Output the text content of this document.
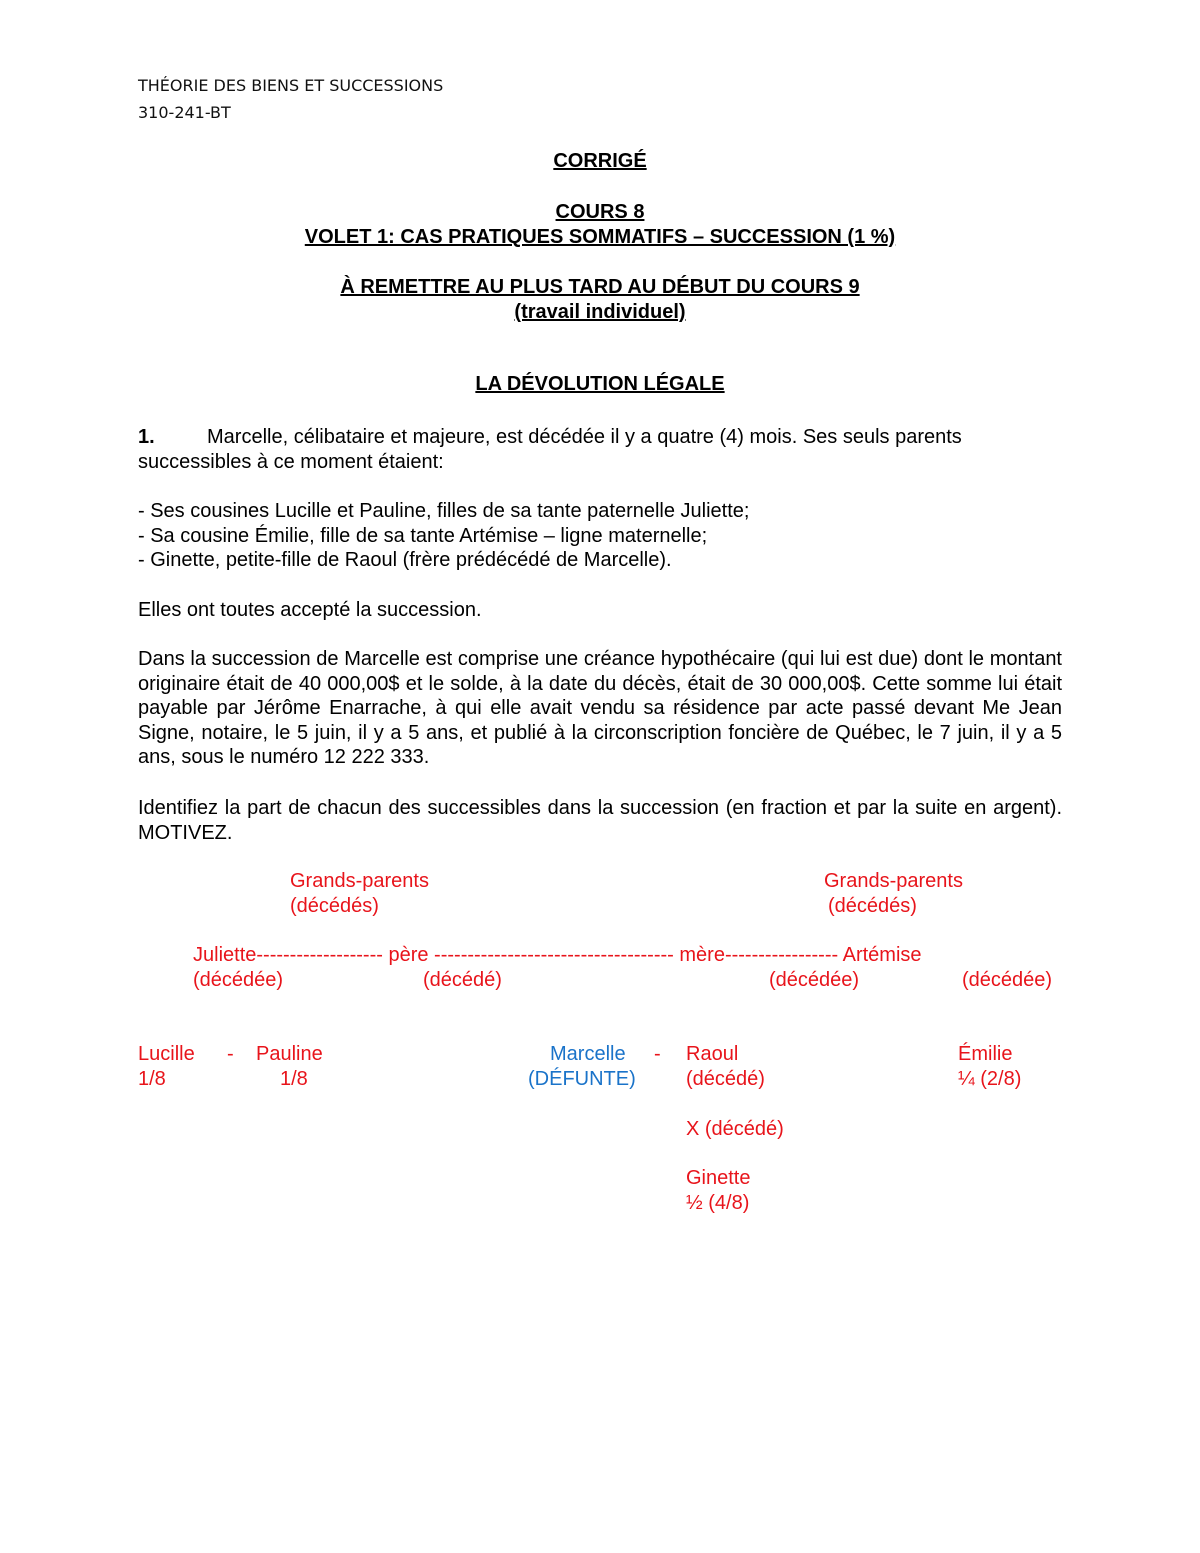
THÉORIE DES BIENS ET SUCCESSIONS
310-241-BT
CORRIGÉ
COURS 8
VOLET 1: CAS PRATIQUES SOMMATIFS – SUCCESSION (1 %)
À REMETTRE AU PLUS TARD AU DÉBUT DU COURS 9
(travail individuel)
LA DÉVOLUTION LÉGALE
1.	Marcelle, célibataire et majeure, est décédée il y a quatre (4) mois. Ses seuls parents
successibles à ce moment étaient:
- Ses cousines Lucille et Pauline, filles de sa tante paternelle Juliette;
- Sa cousine Émilie, fille de sa tante Artémise – ligne maternelle;
- Ginette, petite-fille de Raoul (frère prédécédé de Marcelle).
Elles ont toutes accepté la succession.
Dans la succession de Marcelle est comprise une créance hypothécaire (qui lui est due) dont le montant originaire était de 40 000,00$ et le solde, à la date du décès, était de 30 000,00$. Cette somme lui était payable par Jérôme Enarrache, à qui elle avait vendu sa résidence par acte passé devant Me Jean Signe, notaire, le 5 juin, il y a 5 ans, et publié à la circonscription foncière de Québec, le 7 juin, il y a 5 ans, sous le numéro 12 222 333.
Identifiez la part de chacun des successibles dans la succession (en fraction et par la suite en argent). MOTIVEZ.
Grands-parents
(décédés)
Grands-parents
(décédés)
Juliette------------------- père ------------------------------------ mère----------------- Artémise
(décédée)	(décédé)	(décédée)	(décédée)
Lucille - Pauline
1/8	1/8
Marcelle -
(DÉFUNTE)
Raoul
(décédé)
X (décédé)
Ginette
½ (4/8)
Émilie
¼ (2/8)
